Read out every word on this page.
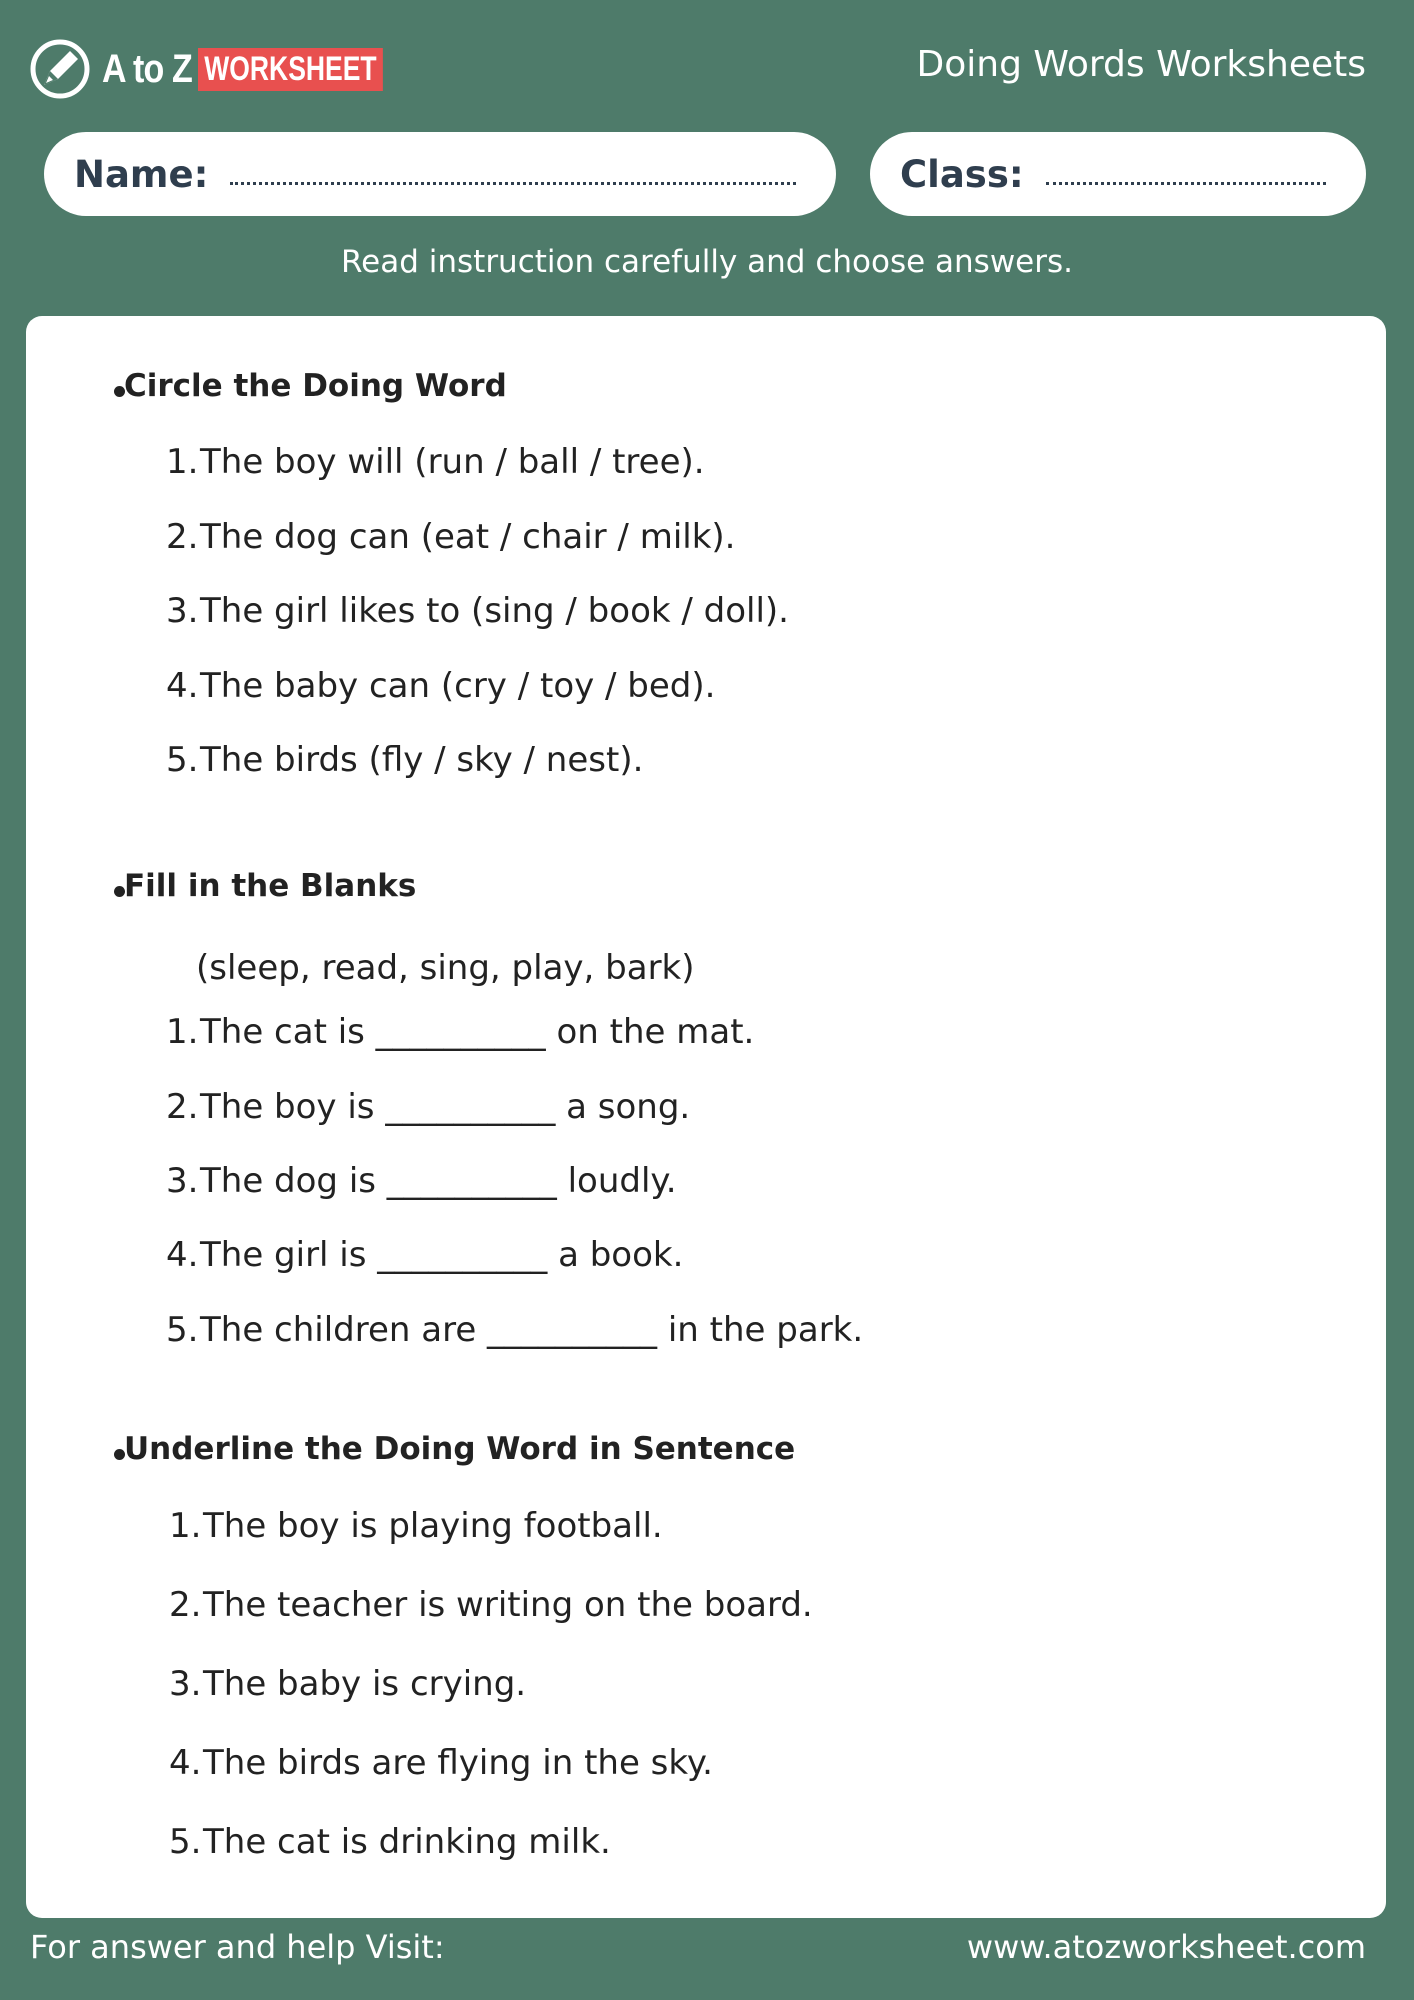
A to Z WORKSHEET	Doing Words Worksheets
Name:	Class:
Read instruction carefully and choose answers.
Circle the Doing Word
1.The boy will (run / ball / tree).
2.The dog can (eat / chair / milk).
3.The girl likes to (sing / book / doll).
4.The baby can (cry / toy / bed).
5.The birds (fly / sky / nest).
Fill in the Blanks
(sleep, read, sing, play, bark)
1.The cat is __________ on the mat.
2.The boy is __________ a song.
3.The dog is __________ loudly.
4.The girl is __________ a book.
5.The children are __________ in the park.
Underline the Doing Word in Sentence
1.The boy is playing football.
2.The teacher is writing on the board.
3.The baby is crying.
4.The birds are flying in the sky.
5.The cat is drinking milk.
For answer and help Visit:	www.atozworksheet.com
